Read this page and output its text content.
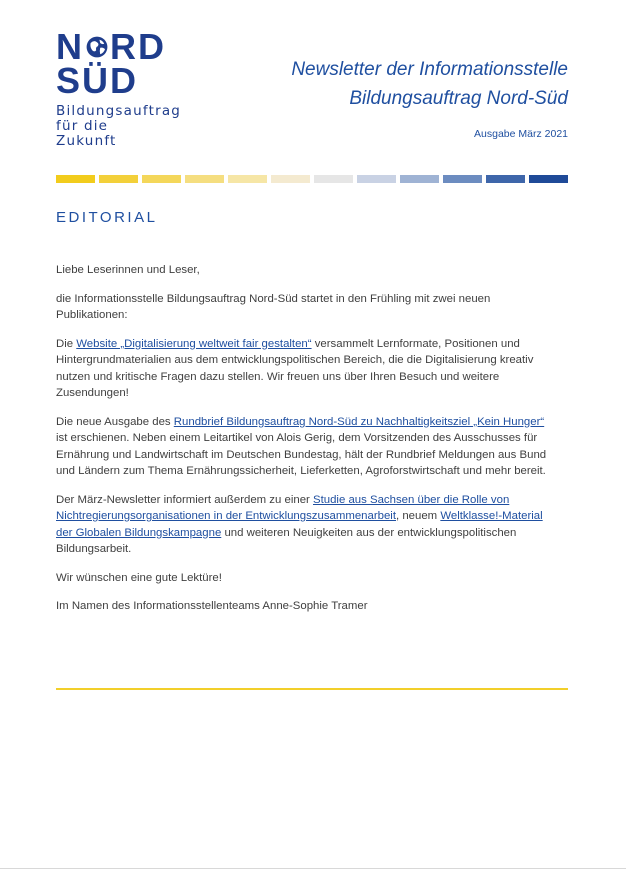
N RD
SÜD
Bildungsauftrag
für die Zukunft
Newsletter der Informationsstelle
Bildungsauftrag Nord-Süd
Ausgabe März 2021
EDITORIAL

Liebe Leserinnen und Leser,

die Informationsstelle Bildungsauftrag Nord-Süd startet in den Frühling mit zwei neuen Publikationen:

Die Website „Digitalisierung weltweit fair gestalten“ versammelt Lernformate, Positionen und Hintergrundmaterialien aus dem entwicklungspolitischen Bereich, die die Digitalisierung kreativ nutzen und kritische Fragen dazu stellen. Wir freuen uns über Ihren Besuch und weitere Zusendungen!

Die neue Ausgabe des Rundbrief Bildungsauftrag Nord-Süd zu Nachhaltigkeitsziel „Kein Hunger“ ist erschienen. Neben einem Leitartikel von Alois Gerig, dem Vorsitzenden des Ausschusses für Ernährung und Landwirtschaft im Deutschen Bundestag, hält der Rundbrief Meldungen aus Bund und Ländern zum Thema Ernährungssicherheit, Lieferketten, Agroforstwirtschaft und mehr bereit.

Der März-Newsletter informiert außerdem zu einer Studie aus Sachsen über die Rolle von Nichtregierungsorganisationen in der Entwicklungszusammenarbeit, neuem Weltklasse!-Material der Globalen Bildungskampagne und weiteren Neuigkeiten aus der entwicklungspolitischen Bildungsarbeit.

Wir wünschen eine gute Lektüre!

Im Namen des Informationsstellenteams Anne-Sophie Tramer
